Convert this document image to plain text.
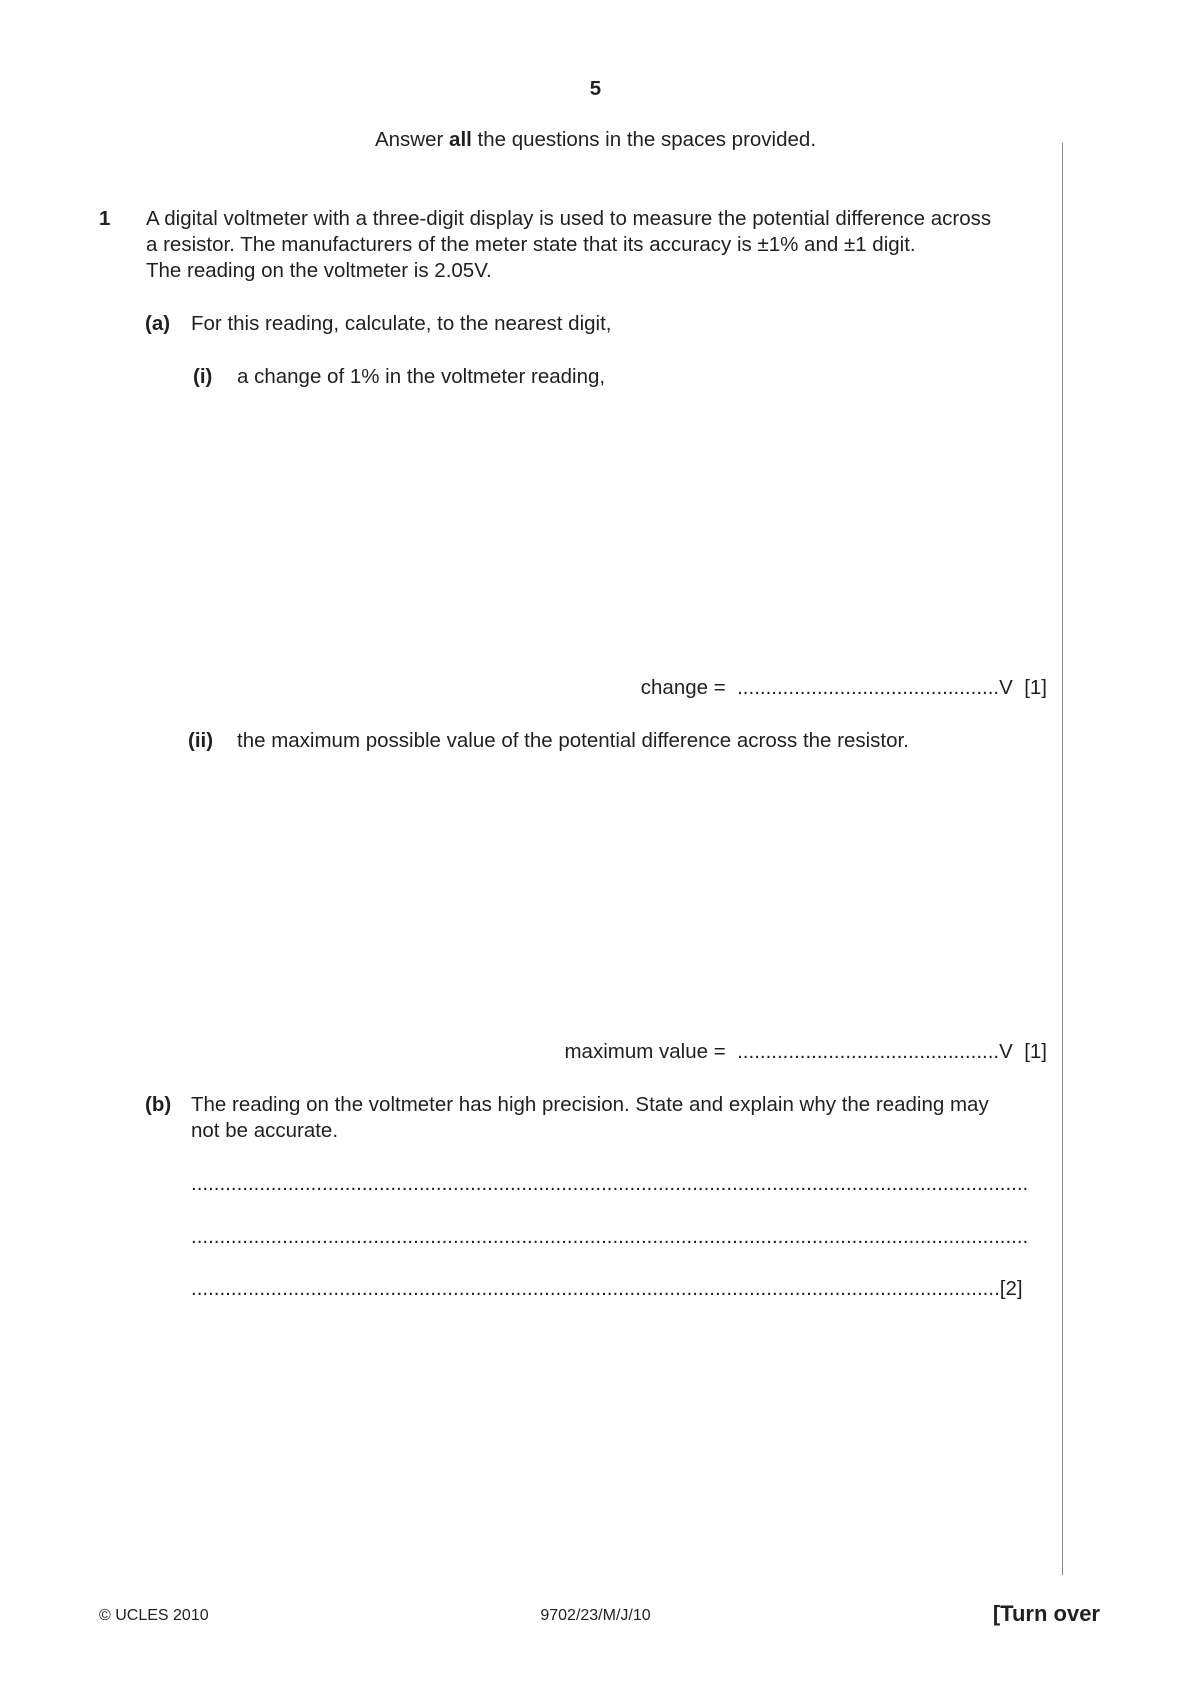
5
Answer all the questions in the spaces provided.
1 A digital voltmeter with a three-digit display is used to measure the potential difference across
a resistor. The manufacturers of the meter state that its accuracy is ±1% and ±1 digit.
The reading on the voltmeter is 2.05V.
(a) For this reading, calculate, to the nearest digit,
(i) a change of 1% in the voltmeter reading,
change = ..............................................V [1]
(ii) the maximum possible value of the potential difference across the resistor.
maximum value = ..............................................V [1]
(b) The reading on the voltmeter has high precision. State and explain why the reading may
not be accurate.
...................................................................................................................................................
...................................................................................................................................................
..............................................................................................................................................[2]
© UCLES 2010	9702/23/M/J/10	[Turn over
